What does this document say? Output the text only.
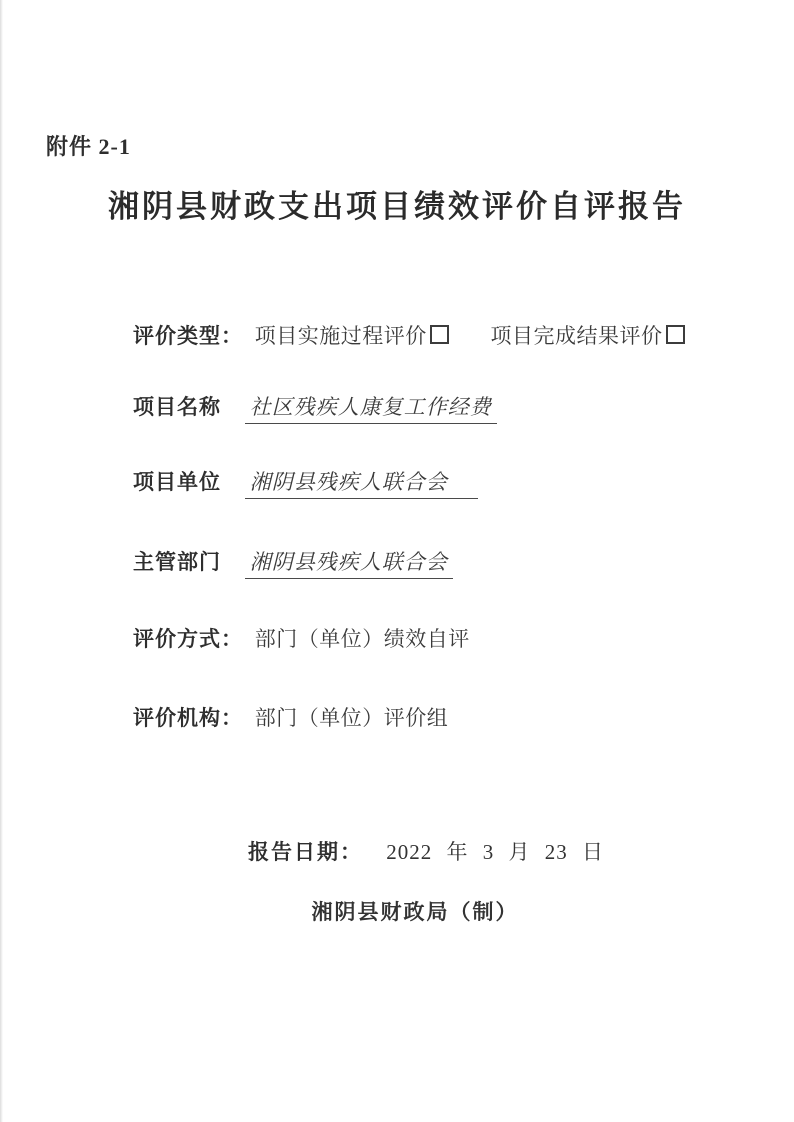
附件 2-1
湘阴县财政支出项目绩效评价自评报告
评价类型： 项目实施过程评价	项目完成结果评价
项目名称 社区残疾人康复工作经费
项目单位 湘阴县残疾人联合会
主管部门 湘阴县残疾人联合会
评价方式： 部门（单位）绩效自评
评价机构： 部门（单位）评价组
报告日期： 2022 年 3 月 23 日
湘阴县财政局（制）
